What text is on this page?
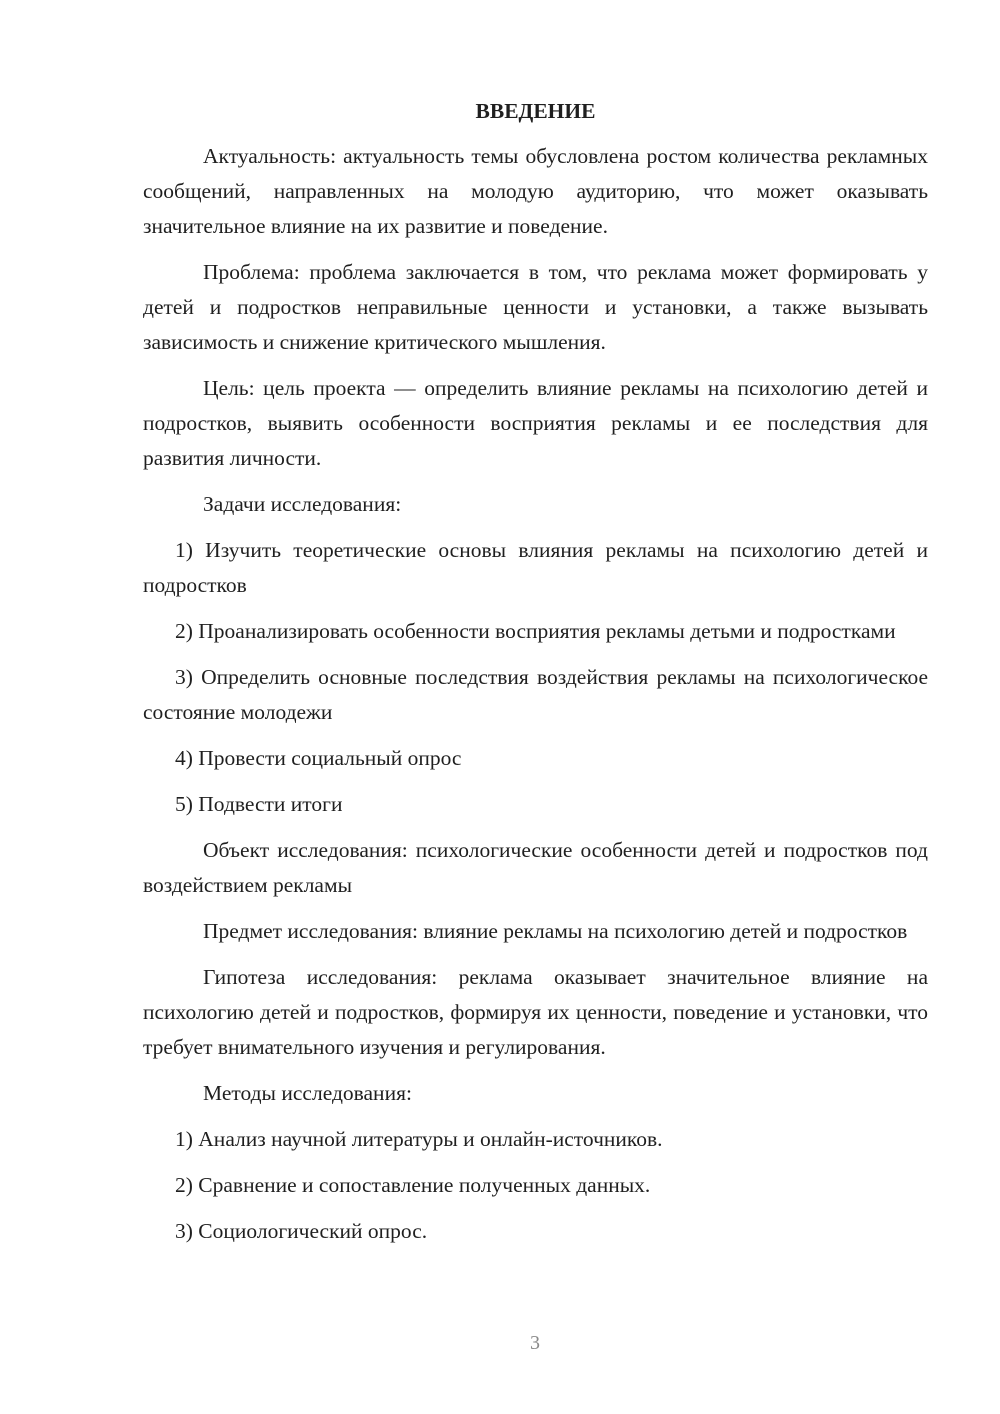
ВВЕДЕНИЕ

Актуальность: актуальность темы обусловлена ростом количества рекламных сообщений, направленных на молодую аудиторию, что может оказывать значительное влияние на их развитие и поведение.

Проблема: проблема заключается в том, что реклама может формировать у детей и подростков неправильные ценности и установки, а также вызывать зависимость и снижение критического мышления.

Цель: цель проекта — определить влияние рекламы на психологию детей и подростков, выявить особенности восприятия рекламы и ее последствия для развития личности.

Задачи исследования:

1) Изучить теоретические основы влияния рекламы на психологию детей и подростков

2) Проанализировать особенности восприятия рекламы детьми и подростками

3) Определить основные последствия воздействия рекламы на психологическое состояние молодежи

4) Провести социальный опрос

5) Подвести итоги

Объект исследования: психологические особенности детей и подростков под воздействием рекламы

Предмет исследования: влияние рекламы на психологию детей и подростков

Гипотеза исследования: реклама оказывает значительное влияние на психологию детей и подростков, формируя их ценности, поведение и установки, что требует внимательного изучения и регулирования.

Методы исследования:

1) Анализ научной литературы и онлайн-источников.

2) Сравнение и сопоставление полученных данных.

3) Социологический опрос.

3
